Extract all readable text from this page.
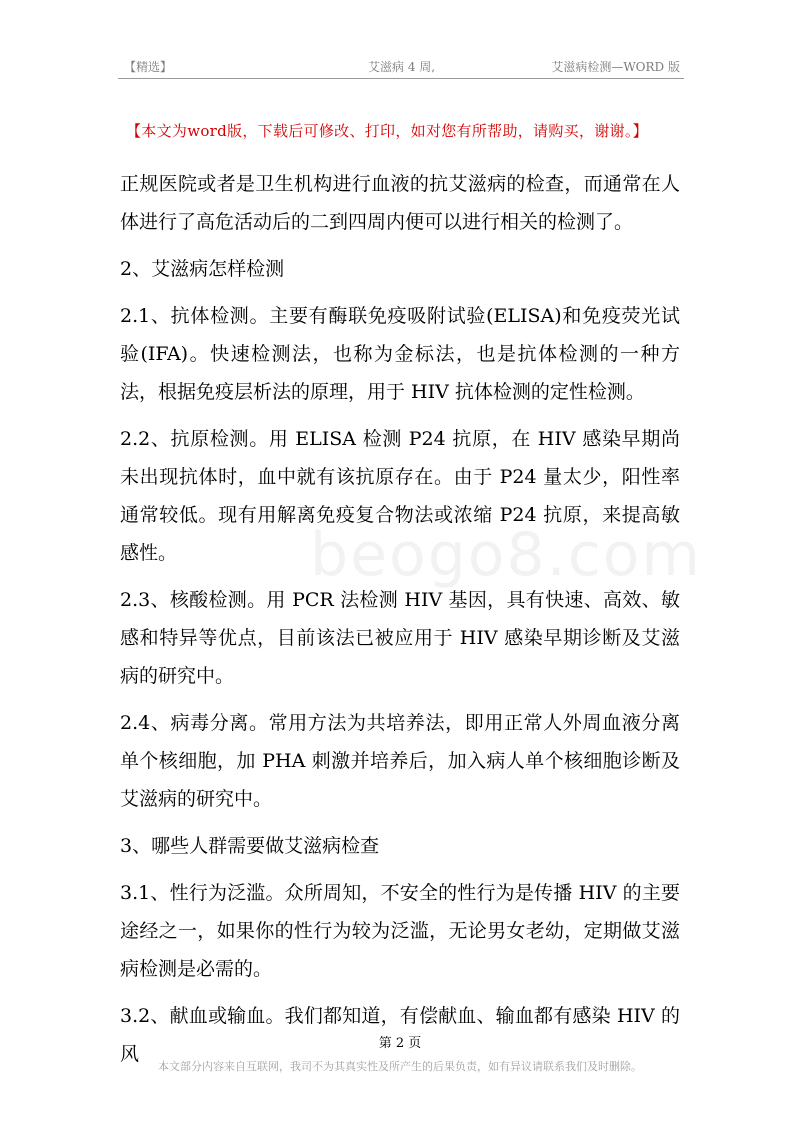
【精选】	艾滋病 4 周,	艾滋病检测—WORD 版
【本文为word版，下载后可修改、打印，如对您有所帮助，请购买，谢谢。】
beogo8.com

正规医院或者是卫生机构进行血液的抗艾滋病的检查，而通常在人体进行了高危活动后的二到四周内便可以进行相关的检测了。

2、艾滋病怎样检测

2.1、抗体检测。主要有酶联免疫吸附试验(ELISA)和免疫荧光试验(IFA)。快速检测法，也称为金标法，也是抗体检测的一种方法，根据免疫层析法的原理，用于 HIV 抗体检测的定性检测。

2.2、抗原检测。用 ELISA 检测 P24 抗原，在 HIV 感染早期尚未出现抗体时，血中就有该抗原存在。由于 P24 量太少，阳性率通常较低。现有用解离免疫复合物法或浓缩 P24 抗原，来提高敏感性。

2.3、核酸检测。用 PCR 法检测 HIV 基因，具有快速、高效、敏感和特异等优点，目前该法已被应用于 HIV 感染早期诊断及艾滋病的研究中。

2.4、病毒分离。常用方法为共培养法，即用正常人外周血液分离单个核细胞，加 PHA 刺激并培养后，加入病人单个核细胞诊断及艾滋病的研究中。

3、哪些人群需要做艾滋病检查

3.1、性行为泛滥。众所周知，不安全的性行为是传播 HIV 的主要途经之一，如果你的性行为较为泛滥，无论男女老幼，定期做艾滋病检测是必需的。

3.2、献血或输血。我们都知道，有偿献血、输血都有感染 HIV 的风	第 2 页
本文部分内容来自互联网，我司不为其真实性及所产生的后果负责，如有异议请联系我们及时删除。
